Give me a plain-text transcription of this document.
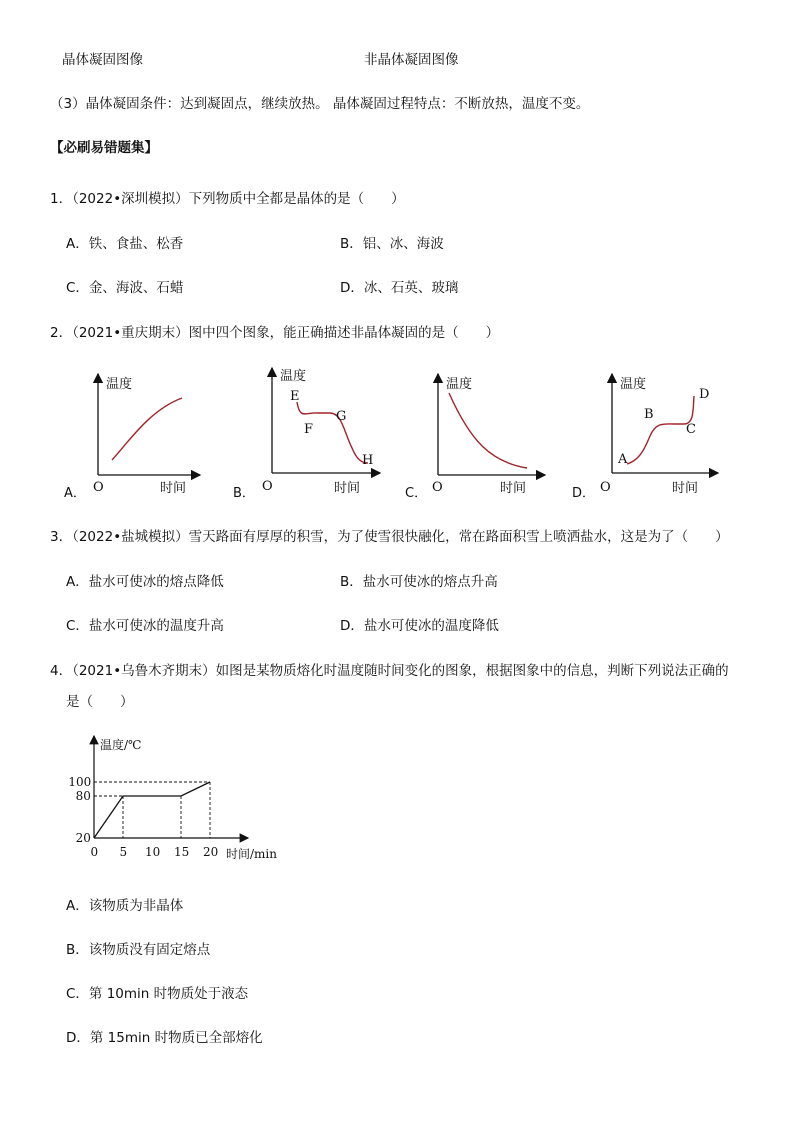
晶体凝固图像	非晶体凝固图像
（3）晶体凝固条件：达到凝固点，继续放热。 晶体凝固过程特点：不断放热，温度不变。
【必刷易错题集】
1．（2022•深圳模拟）下列物质中全都是晶体的是（　　）
A．铁、食盐、松香	B．铝、冰、海波
C．金、海波、石蜡	D．冰、石英、玻璃
2．（2021•重庆期末）图中四个图象，能正确描述非晶体凝固的是（　　）
温度
时间
O
A．
温度
时间
O
B．
E
F
G
H
温度
时间
O
C．
温度
时间
O
D．
A
B
C
D
3．（2022•盐城模拟）雪天路面有厚厚的积雪，为了使雪很快融化，常在路面积雪上喷洒盐水，这是为了（　　）
A．盐水可使冰的熔点降低	B．盐水可使冰的熔点升高
C．盐水可使冰的温度升高	D．盐水可使冰的温度降低
4．（2021•乌鲁木齐期末）如图是某物质熔化时温度随时间变化的图象，根据图象中的信息，判断下列说法正确的
是（　　）
温度/℃
时间/min
0 5 10 15 20
20
80
100
A．该物质为非晶体
B．该物质没有固定熔点
C．第 10min 时物质处于液态
D．第 15min 时物质已全部熔化
